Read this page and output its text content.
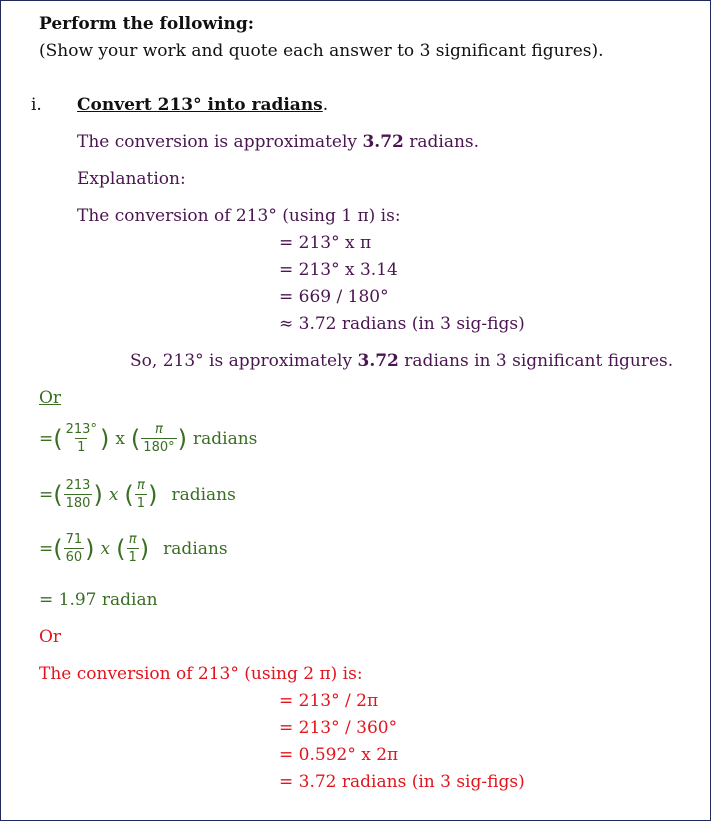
Perform the following:
(Show your work and quote each answer to 3 significant figures).
i. Convert 213° into radians.
The conversion is approximately 3.72 radians.
Explanation:
The conversion of 213° (using 1 π) is:
= 213° x π
= 213° x 3.14
= 669 / 180°
≈ 3.72 radians (in 3 sig-figs)
So, 213° is approximately 3.72 radians in 3 significant figures.
Or
= ( $\frac{213^\circ}{1}$ ) x ( $\frac{\pi}{180^\circ}$ ) radians
= ( $\frac{213}{180}$ ) x ( $\frac{\pi}{1}$ ) radians
= ( $\frac{71}{60}$ ) x ( $\frac{\pi}{1}$ ) radians
= 1.97 radian
Or
The conversion of 213° (using 2 π) is:
= 213° / 2π
= 213° / 360°
= 0.592° x 2π
= 3.72 radians (in 3 sig-figs)
